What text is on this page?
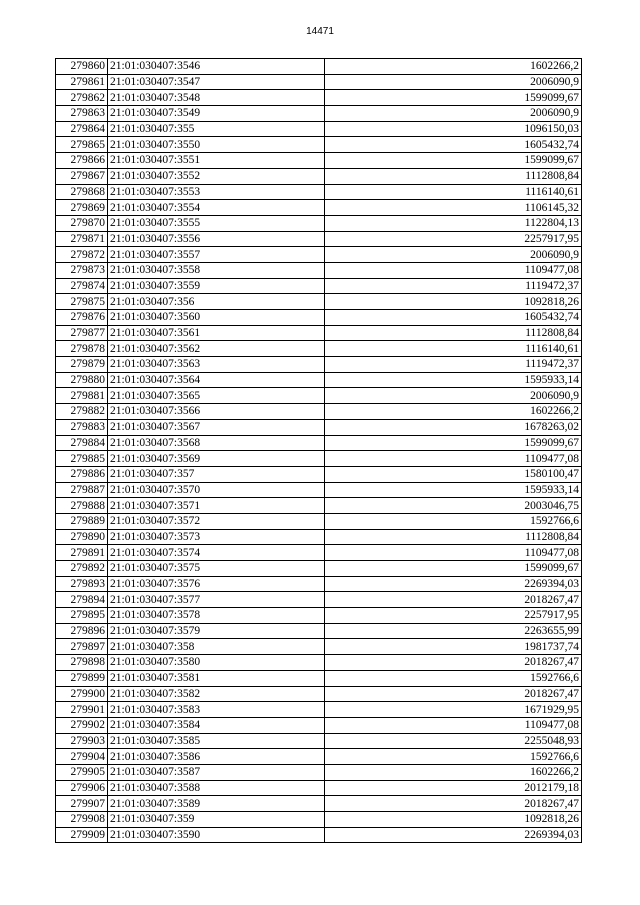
14471
279860	21:01:030407:3546	1602266,2
279861	21:01:030407:3547	2006090,9
279862	21:01:030407:3548	1599099,67
279863	21:01:030407:3549	2006090,9
279864	21:01:030407:355	1096150,03
279865	21:01:030407:3550	1605432,74
279866	21:01:030407:3551	1599099,67
279867	21:01:030407:3552	1112808,84
279868	21:01:030407:3553	1116140,61
279869	21:01:030407:3554	1106145,32
279870	21:01:030407:3555	1122804,13
279871	21:01:030407:3556	2257917,95
279872	21:01:030407:3557	2006090,9
279873	21:01:030407:3558	1109477,08
279874	21:01:030407:3559	1119472,37
279875	21:01:030407:356	1092818,26
279876	21:01:030407:3560	1605432,74
279877	21:01:030407:3561	1112808,84
279878	21:01:030407:3562	1116140,61
279879	21:01:030407:3563	1119472,37
279880	21:01:030407:3564	1595933,14
279881	21:01:030407:3565	2006090,9
279882	21:01:030407:3566	1602266,2
279883	21:01:030407:3567	1678263,02
279884	21:01:030407:3568	1599099,67
279885	21:01:030407:3569	1109477,08
279886	21:01:030407:357	1580100,47
279887	21:01:030407:3570	1595933,14
279888	21:01:030407:3571	2003046,75
279889	21:01:030407:3572	1592766,6
279890	21:01:030407:3573	1112808,84
279891	21:01:030407:3574	1109477,08
279892	21:01:030407:3575	1599099,67
279893	21:01:030407:3576	2269394,03
279894	21:01:030407:3577	2018267,47
279895	21:01:030407:3578	2257917,95
279896	21:01:030407:3579	2263655,99
279897	21:01:030407:358	1981737,74
279898	21:01:030407:3580	2018267,47
279899	21:01:030407:3581	1592766,6
279900	21:01:030407:3582	2018267,47
279901	21:01:030407:3583	1671929,95
279902	21:01:030407:3584	1109477,08
279903	21:01:030407:3585	2255048,93
279904	21:01:030407:3586	1592766,6
279905	21:01:030407:3587	1602266,2
279906	21:01:030407:3588	2012179,18
279907	21:01:030407:3589	2018267,47
279908	21:01:030407:359	1092818,26
279909	21:01:030407:3590	2269394,03
